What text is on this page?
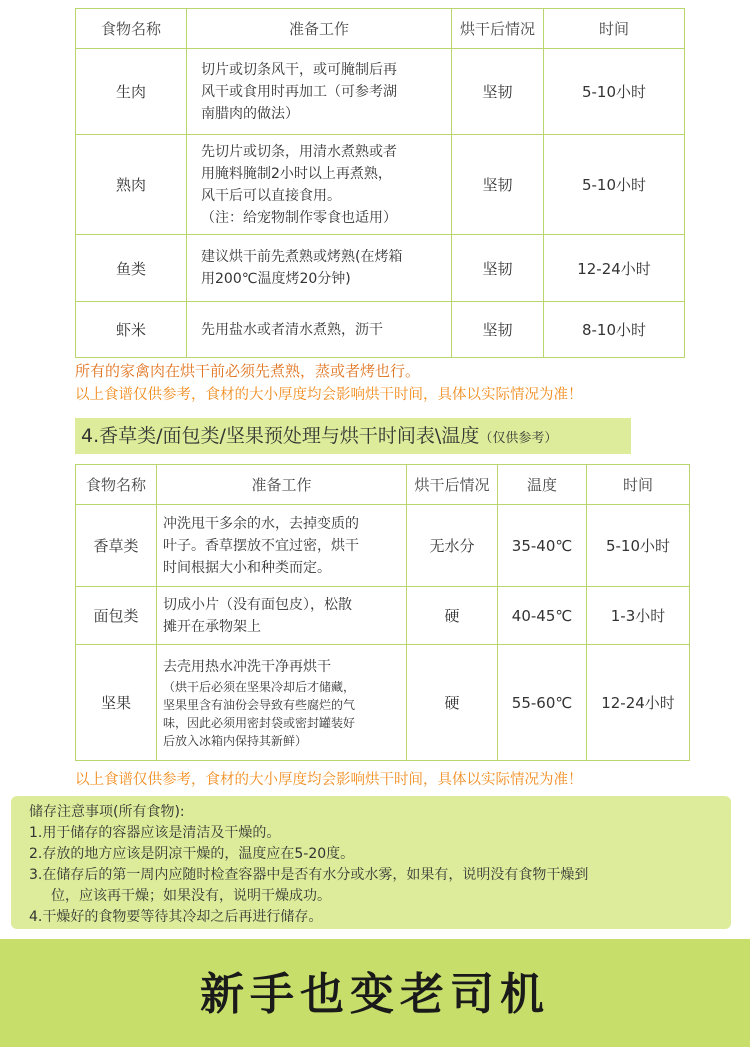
食物名称	准备工作	烘干后情况	时间
生肉	切片或切条风干，或可腌制后再
风干或食用时再加工（可参考湖
南腊肉的做法）	坚韧	5-10小时
熟肉	先切片或切条，用清水煮熟或者
用腌料腌制2小时以上再煮熟，
风干后可以直接食用。
（注：给宠物制作零食也适用）	坚韧	5-10小时
鱼类	建议烘干前先煮熟或烤熟(在烤箱
用200℃温度烤20分钟)	坚韧	12-24小时
虾米	先用盐水或者清水煮熟，沥干	坚韧	8-10小时
所有的家禽肉在烘干前必须先煮熟，蒸或者烤也行。
以上食谱仅供参考，食材的大小厚度均会影响烘干时间，具体以实际情况为准！
4.香草类/面包类/坚果预处理与烘干时间表\温度（仅供参考）
食物名称	准备工作	烘干后情况	温度	时间
香草类	冲洗甩干多余的水，去掉变质的
叶子。香草摆放不宜过密，烘干
时间根据大小和种类而定。	无水分	35-40℃	5-10小时
面包类	切成小片（没有面包皮），松散
摊开在承物架上	硬	40-45℃	1-3小时
坚果	去壳用热水冲洗干净再烘干
（烘干后必须在坚果冷却后才储藏，
坚果里含有油份会导致有些腐烂的气
味，因此必须用密封袋或密封罐装好
后放入冰箱内保持其新鲜）	硬	55-60℃	12-24小时
以上食谱仅供参考，食材的大小厚度均会影响烘干时间，具体以实际情况为准！
储存注意事项(所有食物):
1.用于储存的容器应该是清洁及干燥的。
2.存放的地方应该是阴凉干燥的，温度应在5-20度。
3.在储存后的第一周内应随时检查容器中是否有水分或水雾，如果有，说明没有食物干燥到
位，应该再干燥；如果没有，说明干燥成功。
4.干燥好的食物要等待其冷却之后再进行储存。
新手也变老司机
